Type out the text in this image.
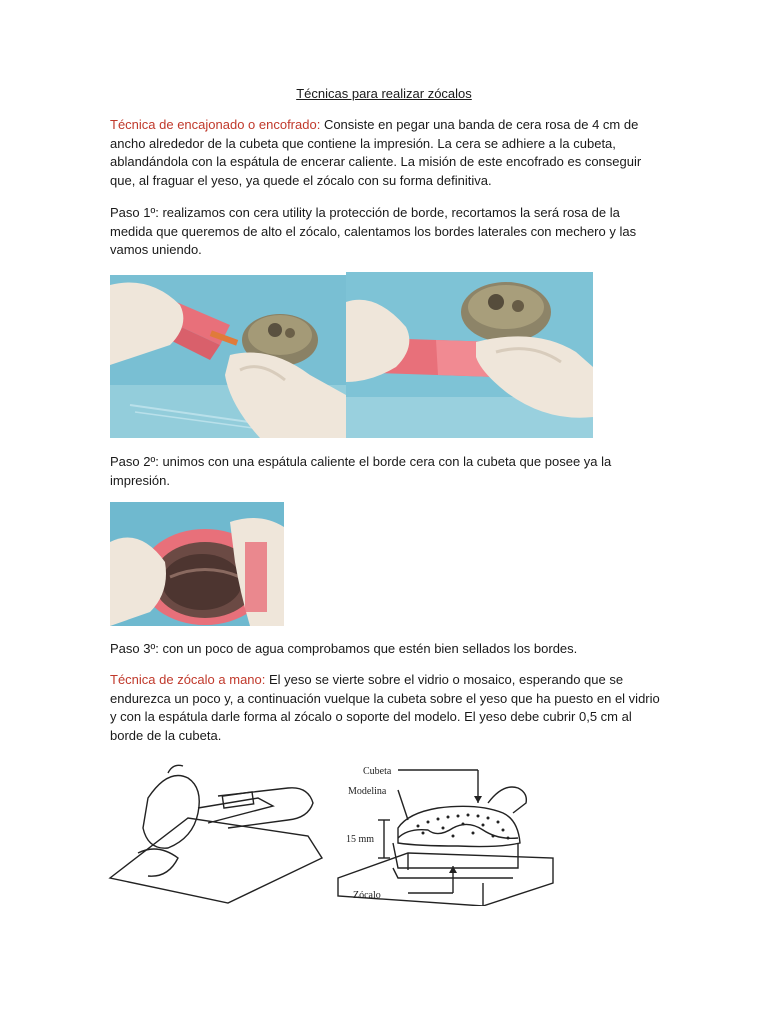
Técnicas para realizar zócalos

Técnica de encajonado o encofrado: Consiste en pegar una banda de cera rosa de 4 cm de ancho alrededor de la cubeta que contiene la impresión. La cera se adhiere a la cubeta, ablandándola con la espátula de encerar caliente. La misión de este encofrado es conseguir que, al fraguar el yeso, ya quede el zócalo con su forma definitiva.

Paso 1º: realizamos con cera utility la protección de borde, recortamos la será rosa de la medida que queremos de alto el zócalo, calentamos los bordes laterales con mechero y las vamos uniendo.

Paso 2º: unimos con una espátula caliente el borde cera con la cubeta que posee ya la impresión.

Paso 3º: con un poco de agua comprobamos que estén bien sellados los bordes.

Técnica de zócalo a mano: El yeso se vierte sobre el vidrio o mosaico, esperando que se endurezca un poco y, a continuación vuelque la cubeta sobre el yeso que ha puesto en el vidrio y con la espátula darle forma al zócalo o soporte del modelo. El yeso debe cubrir 0,5 cm al borde de la cubeta.

Cubeta
Modelina
15 mm
Zócalo
